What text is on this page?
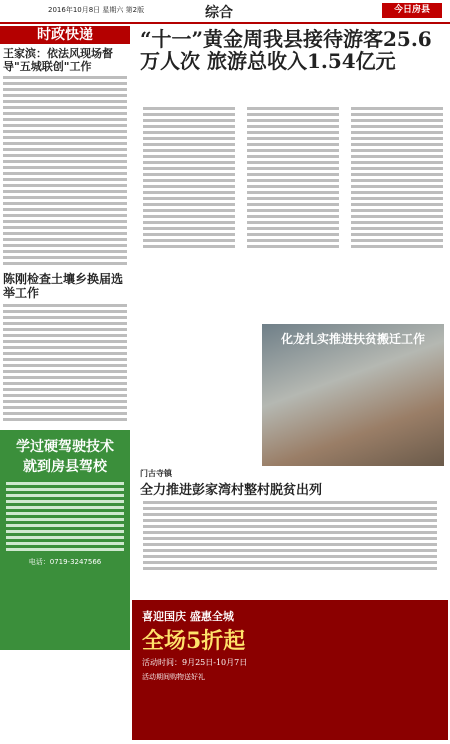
2016年10月8日 星期六 第2版	综合	今日房县
时政快递
王家滨：依法风现场督导"五城联创"工作
陈刚检查土壤乡换届选举工作
学过硬驾驶技术
就到房县驾校
电话：0719-3247566
“十一”黄金周我县接待游客25.6万人次 旅游总收入1.54亿元
化龙扎实推进扶贫搬迁工作
门古寺镇
全力推进彭家湾村整村脱贫出列
喜迎国庆 盛惠全城
全场5折起
活动时间：9月25日-10月7日
活动期间购物送好礼
